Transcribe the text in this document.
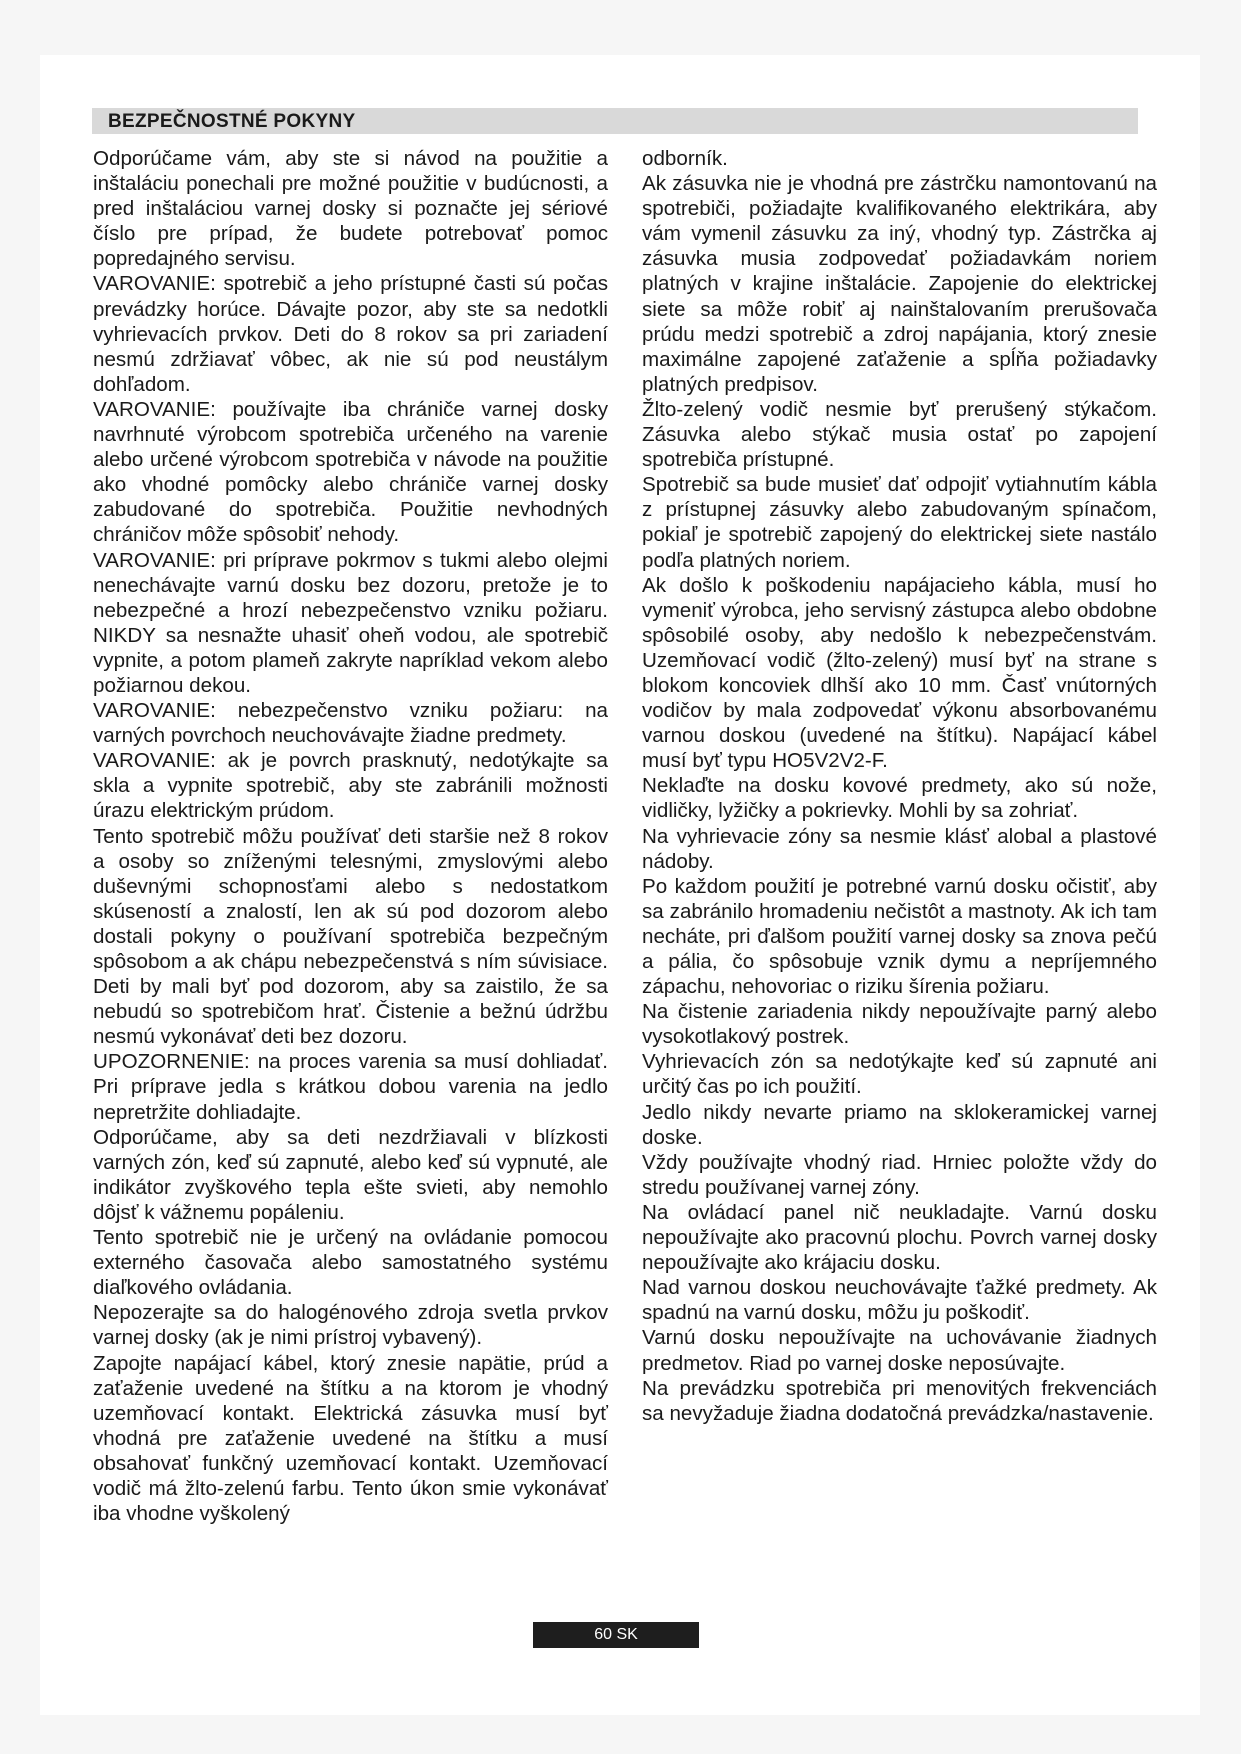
BEZPEČNOSTNÉ POKYNY

Odporúčame vám, aby ste si návod na použitie a inštaláciu ponechali pre možné použitie v budúcnosti, a pred inštaláciou varnej dosky si poznačte jej sériové číslo pre prípad, že budete potrebovať pomoc popredajného servisu.

VAROVANIE: spotrebič a jeho prístupné časti sú počas prevádzky horúce. Dávajte pozor, aby ste sa nedotkli vyhrievacích prvkov. Deti do 8 rokov sa pri zariadení nesmú zdržiavať vôbec, ak nie sú pod neustálym dohľadom.

VAROVANIE: používajte iba chrániče varnej dosky navrhnuté výrobcom spotrebiča určeného na varenie alebo určené výrobcom spotrebiča v návode na použitie ako vhodné pomôcky alebo chrániče varnej dosky zabudované do spotrebiča. Použitie nevhodných chráničov môže spôsobiť nehody.

VAROVANIE: pri príprave pokrmov s tukmi alebo olejmi nenechávajte varnú dosku bez dozoru, pretože je to nebezpečné a hrozí nebezpečenstvo vzniku požiaru. NIKDY sa nesnažte uhasiť oheň vodou, ale spotrebič vypnite, a potom plameň zakryte napríklad vekom alebo požiarnou dekou.

VAROVANIE: nebezpečenstvo vzniku požiaru: na varných povrchoch neuchovávajte žiadne predmety.

VAROVANIE: ak je povrch prasknutý, nedotýkajte sa skla a vypnite spotrebič, aby ste zabránili možnosti úrazu elektrickým prúdom.

Tento spotrebič môžu používať deti staršie než 8 rokov a osoby so zníženými telesnými, zmyslovými alebo duševnými schopnosťami alebo s nedostatkom skúseností a znalostí, len ak sú pod dozorom alebo dostali pokyny o používaní spotrebiča bezpečným spôsobom a ak chápu nebezpečenstvá s ním súvisiace. Deti by mali byť pod dozorom, aby sa zaistilo, že sa nebudú so spotrebičom hrať. Čistenie a bežnú údržbu nesmú vykonávať deti bez dozoru.

UPOZORNENIE: na proces varenia sa musí dohliadať. Pri príprave jedla s krátkou dobou varenia na jedlo nepretržite dohliadajte.

Odporúčame, aby sa deti nezdržiavali v blízkosti varných zón, keď sú zapnuté, alebo keď sú vypnuté, ale indikátor zvyškového tepla ešte svieti, aby nemohlo dôjsť k vážnemu popáleniu.

Tento spotrebič nie je určený na ovládanie pomocou externého časovača alebo samostatného systému diaľkového ovládania.

Nepozerajte sa do halogénového zdroja svetla prvkov varnej dosky (ak je nimi prístroj vybavený).

Zapojte napájací kábel, ktorý znesie napätie, prúd a zaťaženie uvedené na štítku a na ktorom je vhodný uzemňovací kontakt. Elektrická zásuvka musí byť vhodná pre zaťaženie uvedené na štítku a musí obsahovať funkčný uzemňovací kontakt. Uzemňovací vodič má žlto-zelenú farbu. Tento úkon smie vykonávať iba vhodne vyškolený

odborník.

Ak zásuvka nie je vhodná pre zástrčku namontovanú na spotrebiči, požiadajte kvalifikovaného elektrikára, aby vám vymenil zásuvku za iný, vhodný typ. Zástrčka aj zásuvka musia zodpovedať požiadavkám noriem platných v krajine inštalácie. Zapojenie do elektrickej siete sa môže robiť aj nainštalovaním prerušovača prúdu medzi spotrebič a zdroj napájania, ktorý znesie maximálne zapojené zaťaženie a spĺňa požiadavky platných predpisov.

Žlto-zelený vodič nesmie byť prerušený stýkačom. Zásuvka alebo stýkač musia ostať po zapojení spotrebiča prístupné.

Spotrebič sa bude musieť dať odpojiť vytiahnutím kábla z prístupnej zásuvky alebo zabudovaným spínačom, pokiaľ je spotrebič zapojený do elektrickej siete nastálo podľa platných noriem.

Ak došlo k poškodeniu napájacieho kábla, musí ho vymeniť výrobca, jeho servisný zástupca alebo obdobne spôsobilé osoby, aby nedošlo k nebezpečenstvám. Uzemňovací vodič (žlto-zelený) musí byť na strane s blokom koncoviek dlhší ako 10 mm. Časť vnútorných vodičov by mala zodpovedať výkonu absorbovanému varnou doskou (uvedené na štítku). Napájací kábel musí byť typu HO5V2V2-F.

Neklaďte na dosku kovové predmety, ako sú nože, vidličky, lyžičky a pokrievky. Mohli by sa zohriať.

Na vyhrievacie zóny sa nesmie klásť alobal a plastové nádoby.

Po každom použití je potrebné varnú dosku očistiť, aby sa zabránilo hromadeniu nečistôt a mastnoty. Ak ich tam necháte, pri ďalšom použití varnej dosky sa znova pečú a pália, čo spôsobuje vznik dymu a nepríjemného zápachu, nehovoriac o riziku šírenia požiaru.

Na čistenie zariadenia nikdy nepoužívajte parný alebo vysokotlakový postrek.

Vyhrievacích zón sa nedotýkajte keď sú zapnuté ani určitý čas po ich použití.

Jedlo nikdy nevarte priamo na sklokeramickej varnej doske.

Vždy používajte vhodný riad. Hrniec položte vždy do stredu používanej varnej zóny.

Na ovládací panel nič neukladajte. Varnú dosku nepoužívajte ako pracovnú plochu. Povrch varnej dosky nepoužívajte ako krájaciu dosku.

Nad varnou doskou neuchovávajte ťažké predmety. Ak spadnú na varnú dosku, môžu ju poškodiť.

Varnú dosku nepoužívajte na uchovávanie žiadnych predmetov. Riad po varnej doske neposúvajte.

Na prevádzku spotrebiča pri menovitých frekvenciách sa nevyžaduje žiadna dodatočná prevádzka/nastavenie.

60 SK
